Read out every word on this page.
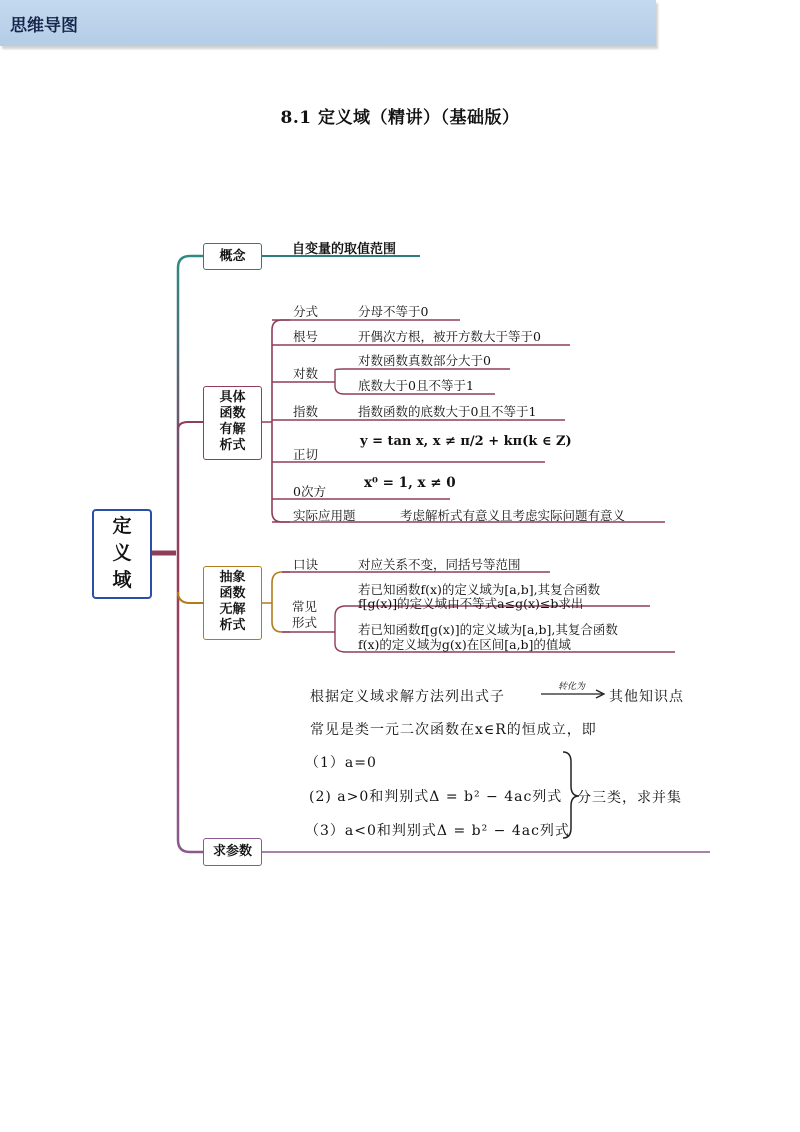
8.1 定义域（精讲）（基础版）
思维导图
定义域
概念	自变量的取值范围
具体函数有解析式
分式	分母不等于0
根号	开偶次方根，被开方数大于等于0
对数
对数函数真数部分大于0
底数大于0且不等于1
指数	指数函数的底数大于0且不等于1
正切
y = tan x, x ≠ π/2 + kπ(k ∈ Z)
0次方
x⁰ = 1, x ≠ 0
实际应用题	考虑解析式有意义且考虑实际问题有意义
抽象函数无解析式
口诀	对应关系不变，同括号等范围
常见形式
若已知函数f(x)的定义域为[a,b],其复合函数
f[g(x)]的定义域由不等式a≤g(x)≤b求出
若已知函数f[g(x)]的定义域为[a,b],其复合函数
f(x)的定义域为g(x)在区间[a,b]的值域
求参数
根据定义域求解方法列出式子
转化为
其他知识点
常见是类一元二次函数在x∈R的恒成立，即
（1）a=0
(2) a>0和判别式Δ = b² − 4ac列式
（3）a<0和判别式Δ = b² − 4ac列式
分三类，求并集
